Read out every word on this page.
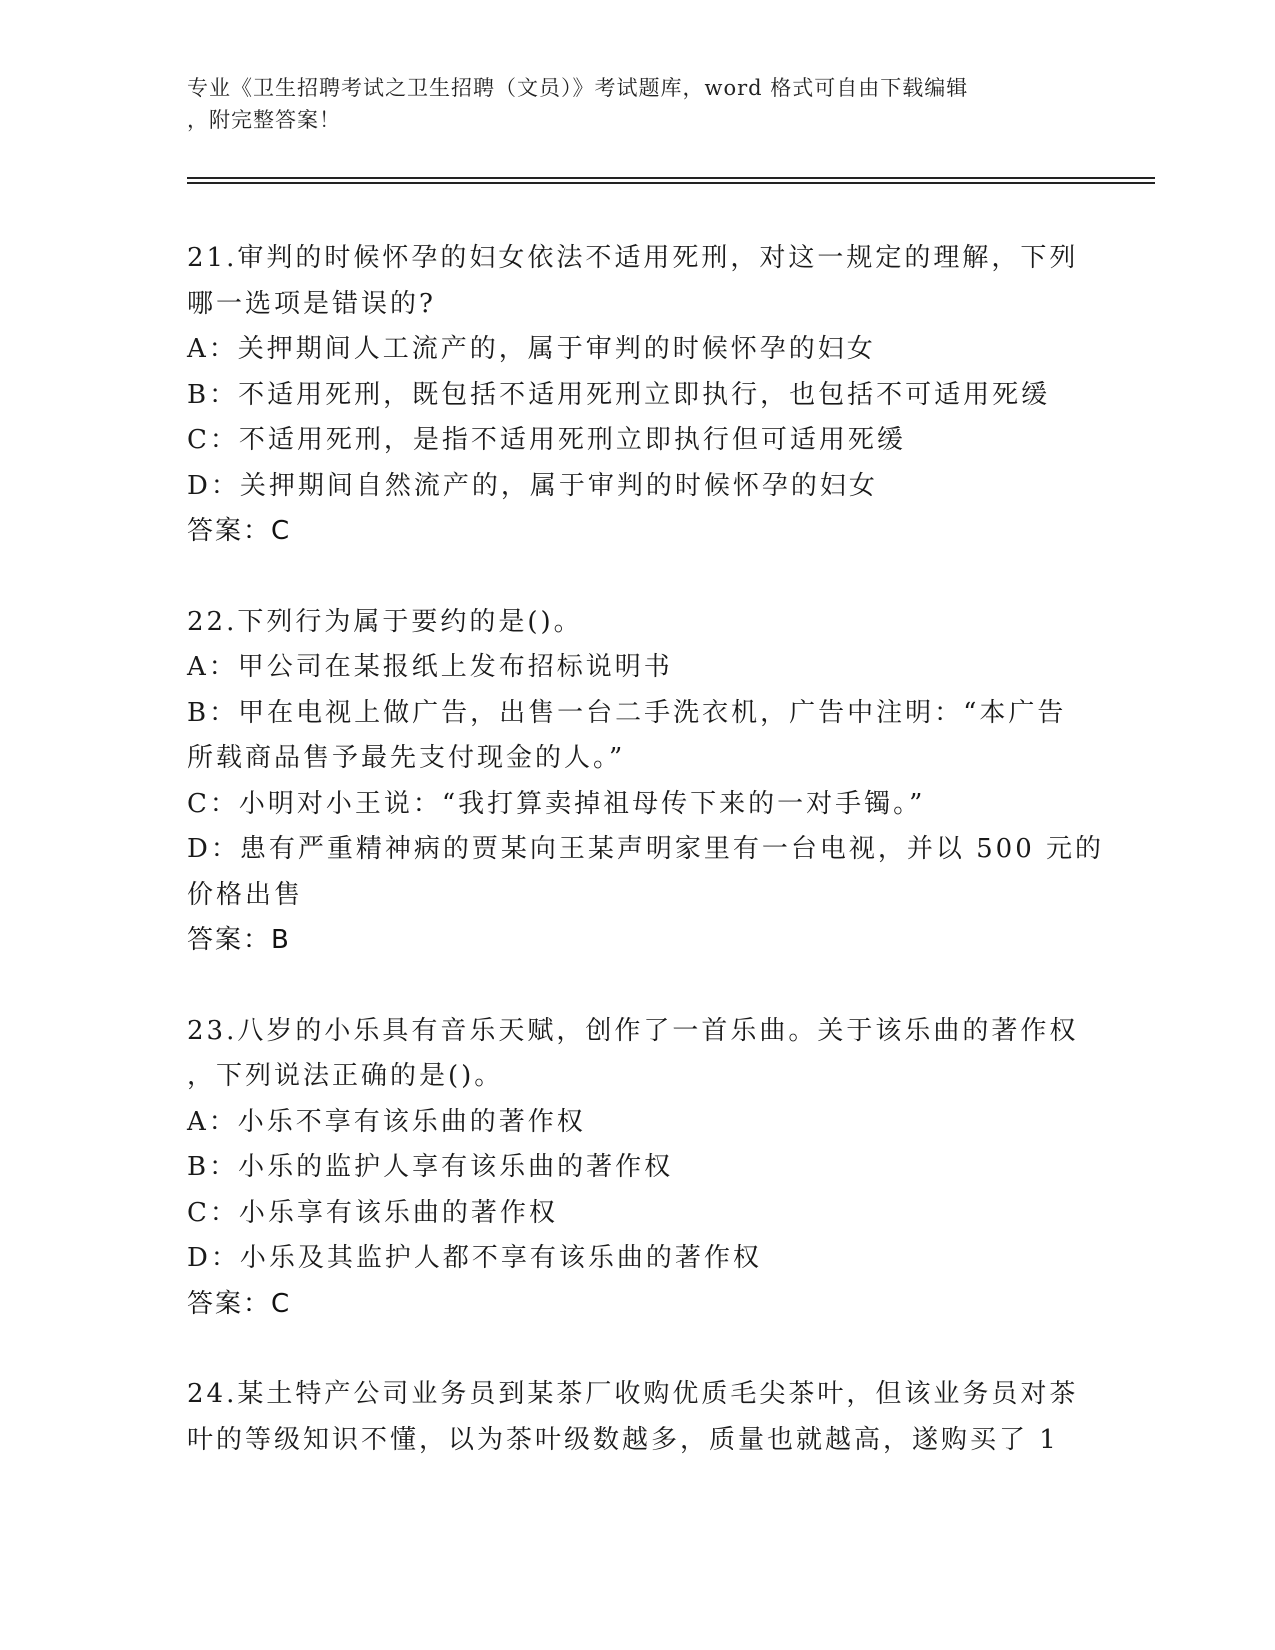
专业《卫生招聘考试之卫生招聘（文员）》考试题库，word 格式可自由下载编辑
，附完整答案！
21.审判的时候怀孕的妇女依法不适用死刑，对这一规定的理解，下列
哪一选项是错误的?
A：关押期间人工流产的，属于审判的时候怀孕的妇女
B：不适用死刑，既包括不适用死刑立即执行，也包括不可适用死缓
C：不适用死刑，是指不适用死刑立即执行但可适用死缓
D：关押期间自然流产的，属于审判的时候怀孕的妇女
答案：C
22.下列行为属于要约的是()。
A：甲公司在某报纸上发布招标说明书
B：甲在电视上做广告，出售一台二手洗衣机，广告中注明：“本广告
所载商品售予最先支付现金的人。”
C：小明对小王说：“我打算卖掉祖母传下来的一对手镯。”
D：患有严重精神病的贾某向王某声明家里有一台电视，并以 500 元的
价格出售
答案：B
23.八岁的小乐具有音乐天赋，创作了一首乐曲。关于该乐曲的著作权
，下列说法正确的是()。
A：小乐不享有该乐曲的著作权
B：小乐的监护人享有该乐曲的著作权
C：小乐享有该乐曲的著作权
D：小乐及其监护人都不享有该乐曲的著作权
答案：C
24.某土特产公司业务员到某茶厂收购优质毛尖茶叶，但该业务员对茶
叶的等级知识不懂，以为茶叶级数越多，质量也就越高，遂购买了 1
